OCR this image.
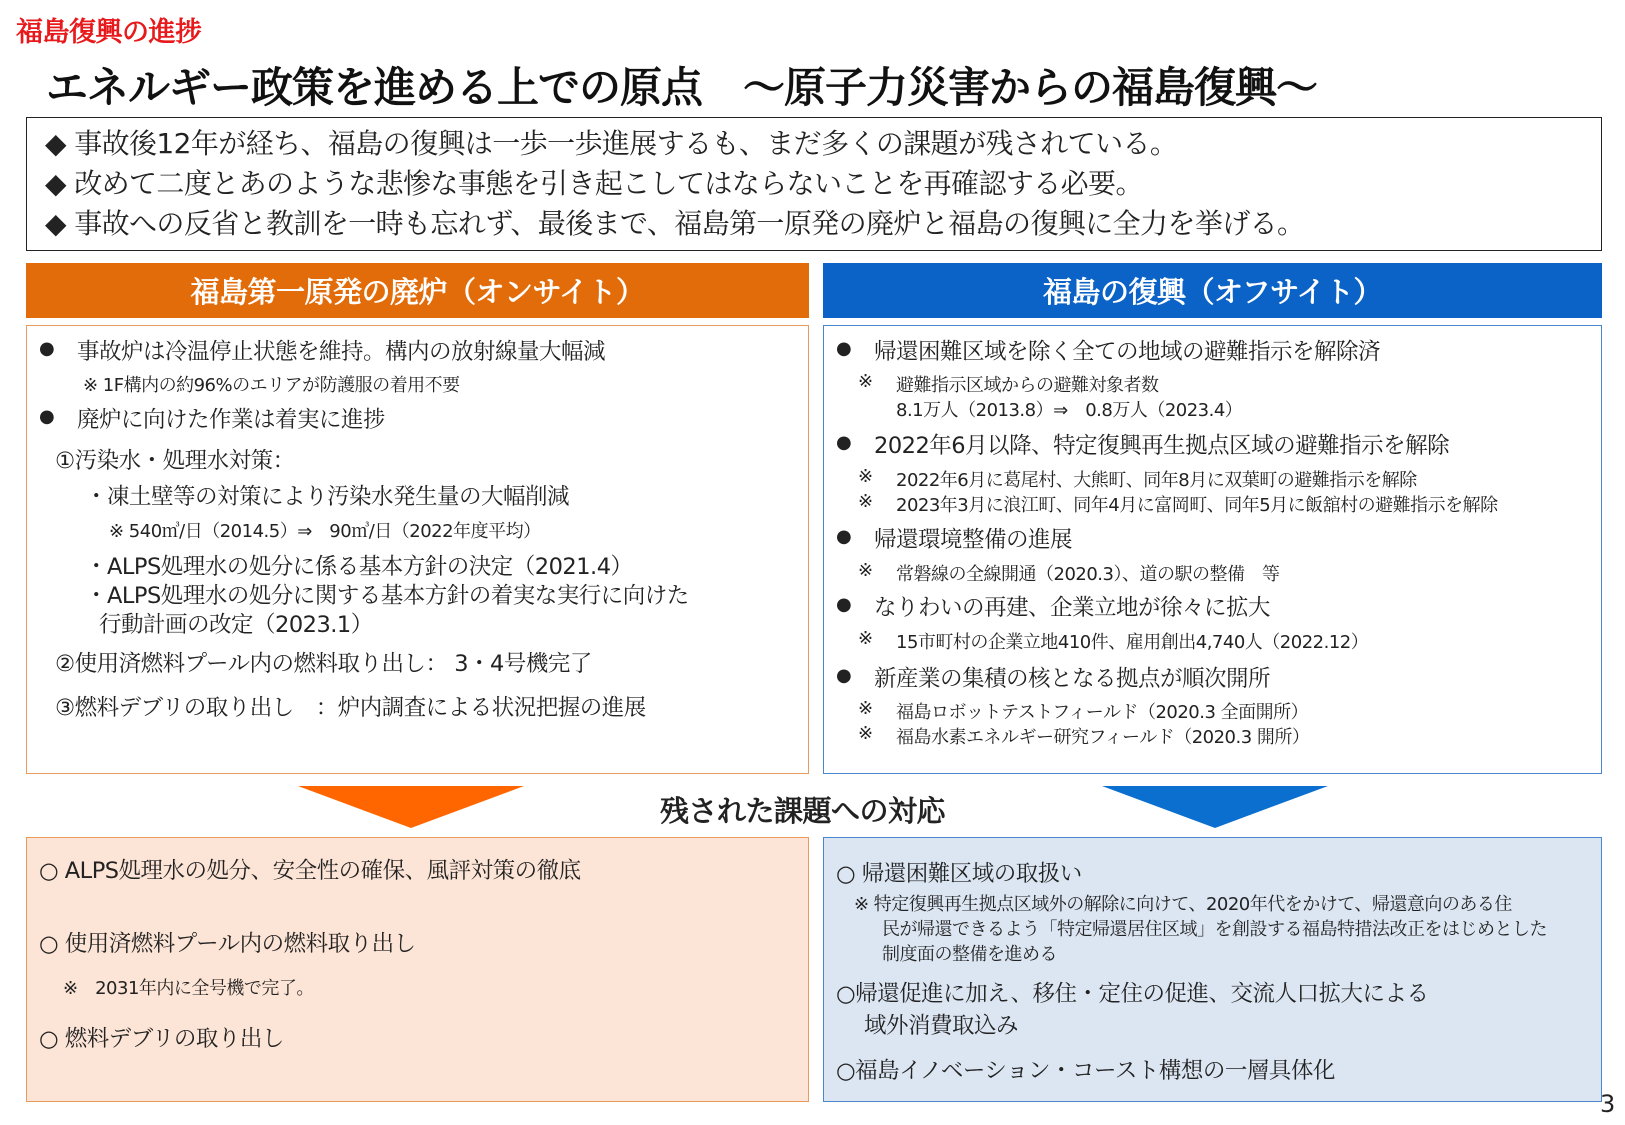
福島復興の進捗
エネルギー政策を進める上での原点　～原子力災害からの福島復興～
◆ 事故後12年が経ち、福島の復興は一歩一歩進展するも、まだ多くの課題が残されている。
◆ 改めて二度とあのような悲惨な事態を引き起こしてはならないことを再確認する必要。
◆ 事故への反省と教訓を一時も忘れず、最後まで、福島第一原発の廃炉と福島の復興に全力を挙げる。
福島第一原発の廃炉（オンサイト）	福島の復興（オフサイト）
● 事故炉は冷温停止状態を維持。構内の放射線量大幅減
※ 1F構内の約96%のエリアが防護服の着用不要
● 廃炉に向けた作業は着実に進捗
①汚染水・処理水対策：
・凍土壁等の対策により汚染水発生量の大幅削減
※ 540㎥/日（2014.5）⇒　90㎥/日（2022年度平均）
・ALPS処理水の処分に係る基本方針の決定（2021.4）
・ALPS処理水の処分に関する基本方針の着実な実行に向けた
行動計画の改定（2023.1）
②使用済燃料プール内の燃料取り出し： 3・4号機完了
③燃料デブリの取り出し　：炉内調査による状況把握の進展
● 帰還困難区域を除く全ての地域の避難指示を解除済
※ 避難指示区域からの避難対象者数
8.1万人（2013.8）⇒　0.8万人（2023.4）
● 2022年6月以降、特定復興再生拠点区域の避難指示を解除
※ 2022年6月に葛尾村、大熊町、同年8月に双葉町の避難指示を解除
※ 2023年3月に浪江町、同年4月に富岡町、同年5月に飯舘村の避難指示を解除
● 帰還環境整備の進展
※ 常磐線の全線開通（2020.3）、道の駅の整備　等
● なりわいの再建、企業立地が徐々に拡大
※ 15市町村の企業立地410件、雇用創出4,740人（2022.12）
● 新産業の集積の核となる拠点が順次開所
※ 福島ロボットテストフィールド（2020.3 全面開所）
※ 福島水素エネルギー研究フィールド（2020.3 開所）
残された課題への対応
○ ALPS処理水の処分、安全性の確保、風評対策の徹底
○ 使用済燃料プール内の燃料取り出し
※　2031年内に全号機で完了。
○ 燃料デブリの取り出し
○ 帰還困難区域の取扱い
※ 特定復興再生拠点区域外の解除に向けて、2020年代をかけて、帰還意向のある住
民が帰還できるよう「特定帰還居住区域」を創設する福島特措法改正をはじめとした
制度面の整備を進める
○帰還促進に加え、移住・定住の促進、交流人口拡大による
域外消費取込み
○福島イノベーション・コースト構想の一層具体化
3
